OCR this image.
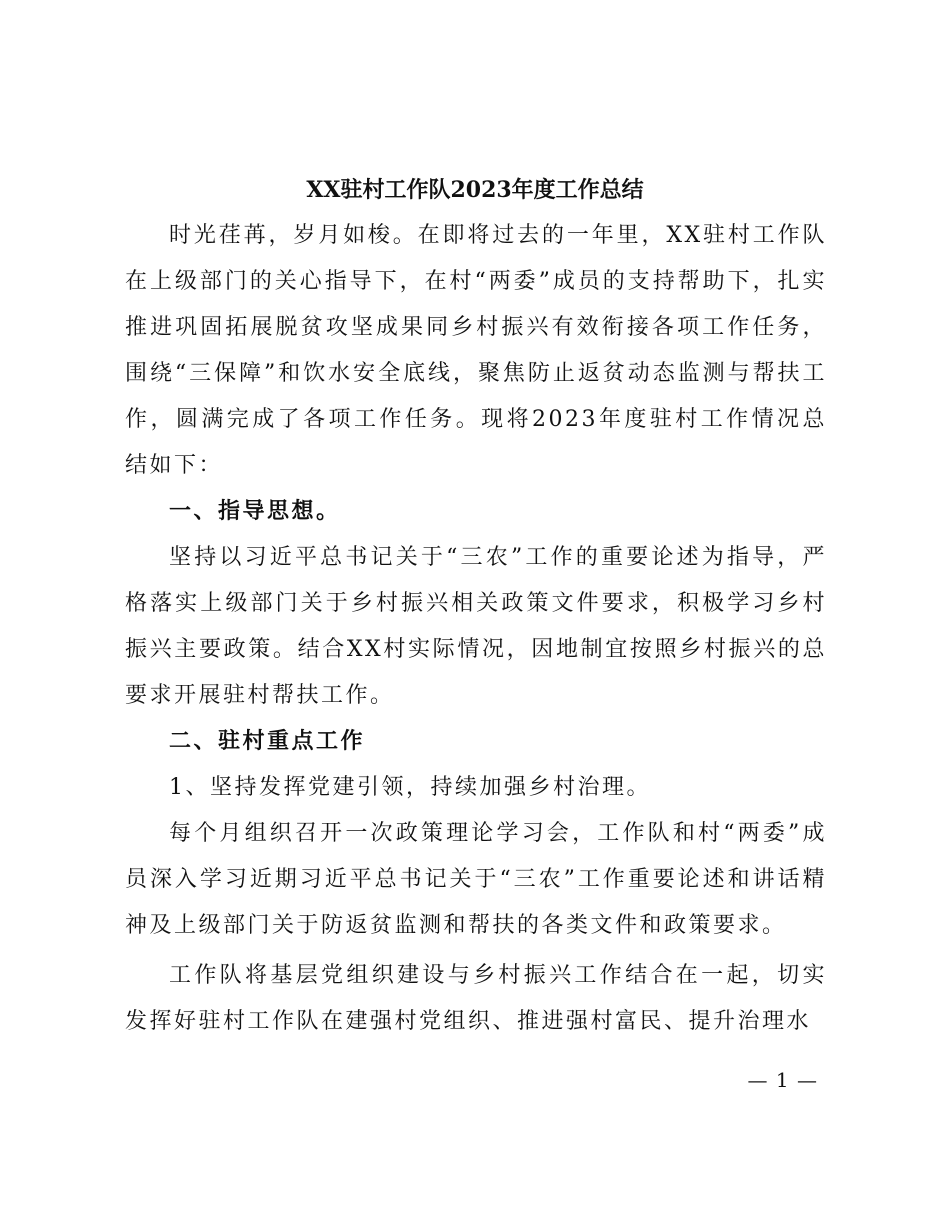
XX驻村工作队2023年度工作总结

时光荏苒，岁月如梭。在即将过去的一年里，XX驻村工作队在上级部门的关心指导下，在村“两委”成员的支持帮助下，扎实推进巩固拓展脱贫攻坚成果同乡村振兴有效衔接各项工作任务，围绕“三保障”和饮水安全底线，聚焦防止返贫动态监测与帮扶工作，圆满完成了各项工作任务。现将2023年度驻村工作情况总结如下：

一、指导思想。

坚持以习近平总书记关于“三农”工作的重要论述为指导，严格落实上级部门关于乡村振兴相关政策文件要求，积极学习乡村振兴主要政策。结合XX村实际情况，因地制宜按照乡村振兴的总要求开展驻村帮扶工作。

二、驻村重点工作

1、坚持发挥党建引领，持续加强乡村治理。

每个月组织召开一次政策理论学习会，工作队和村“两委”成员深入学习近期习近平总书记关于“三农”工作重要论述和讲话精神及上级部门关于防返贫监测和帮扶的各类文件和政策要求。

工作队将基层党组织建设与乡村振兴工作结合在一起，切实发挥好驻村工作队在建强村党组织、推进强村富民、提升治理水

— 1 —
